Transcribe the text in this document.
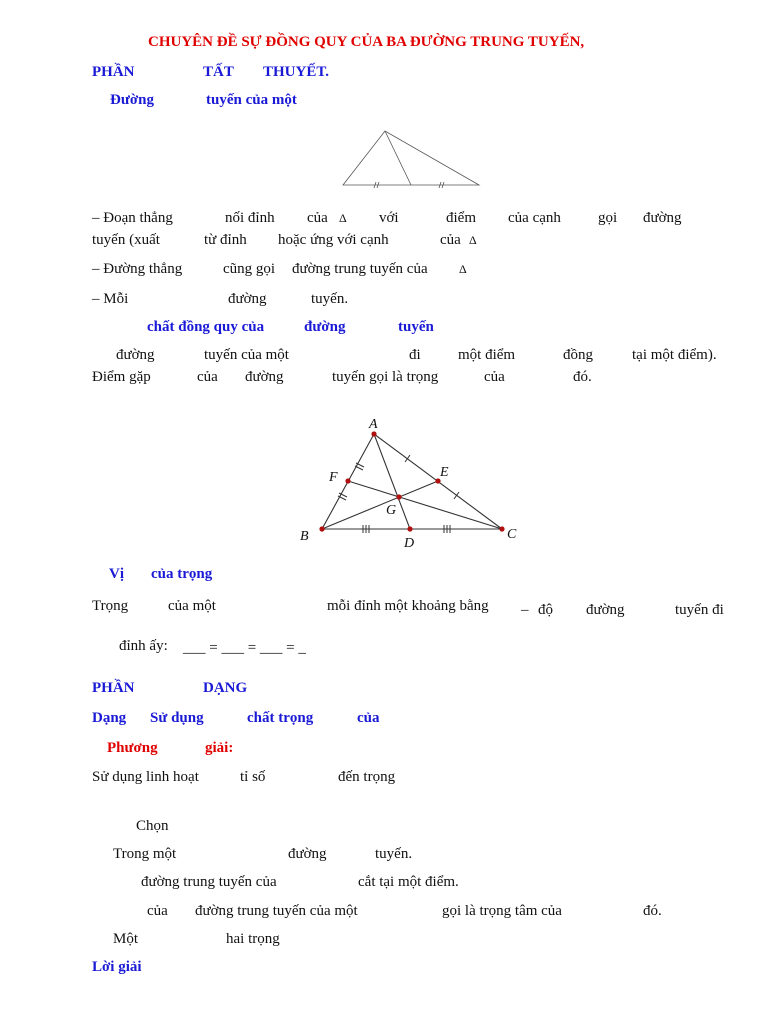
CHUYÊN ĐỀ SỰ ĐỒNG QUY CỦA BA ĐƯỜNG TRUNG TUYẾN,
PHẦN	TẤT THUYẾT.
Đường	tuyến của một
– Đoạn thẳng	nối đỉnh của Δ với	điểm của cạnh gọi đường
tuyến (xuất	từ đỉnh hoặc ứng với cạnh	của Δ
– Đường thẳng	cũng gọi đường trung tuyến của	Δ
– Mỗi	đường	tuyến.
chất đồng quy của	đường	tuyến
đường	tuyến của một	đi một điểm	đồng	tại một điểm).
Điểm gặp	của đường	tuyến gọi là trọng	của	đó.
A
B	C
D
E
F
G
Vị của trọng
Trọng	của một	mỗi đỉnh một khoảng bằng – độ đường	tuyến đi
đỉnh ấy: ___ = ___ = ___ = _
PHẦN	DẠNG
Dạng Sử dụng	chất trọng	của
Phương	giải:
Sử dụng linh hoạt	tỉ số	đến trọng
Chọn
Trong một	đường	tuyến.
đường trung tuyến của	cắt tại một điểm.
của đường trung tuyến của một	gọi là trọng tâm của	đó.
Một	hai trọng
Lời giải
